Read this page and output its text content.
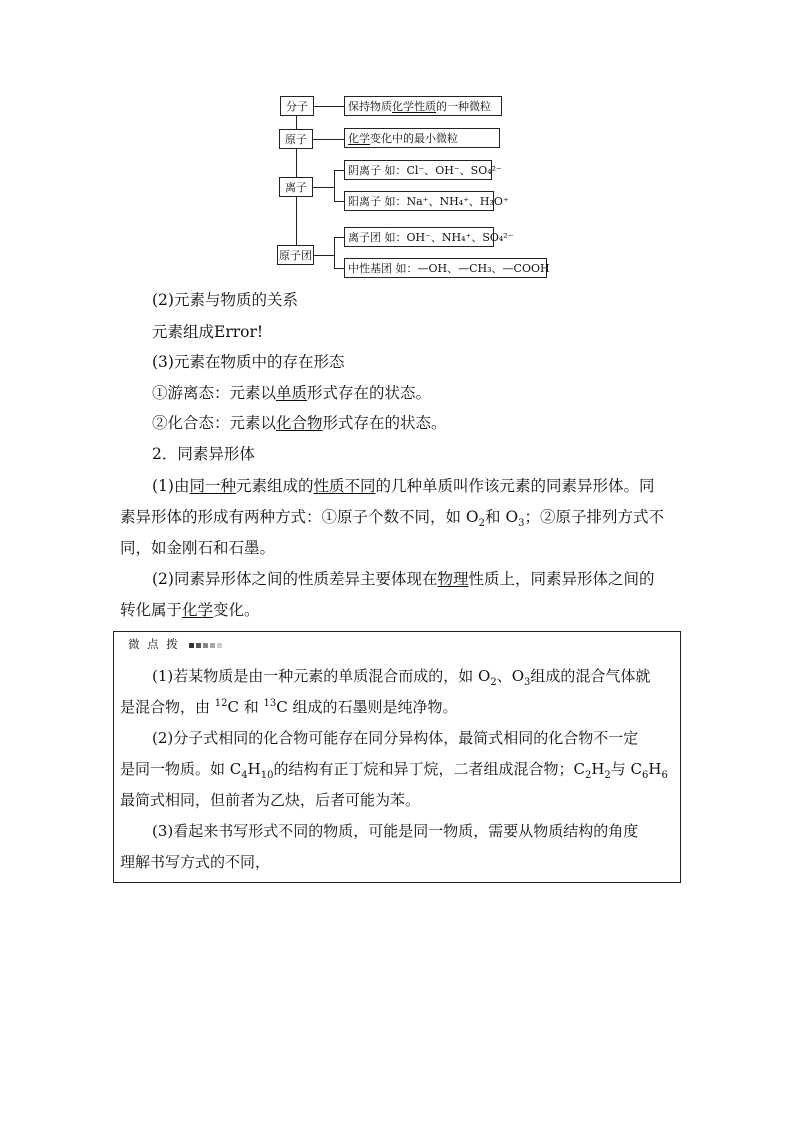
分子
原子
离子
原子团
保持物质化学性质的一种微粒
化学变化中的最小微粒
阴离子 如：Cl⁻、OH⁻、SO₄²⁻
阳离子 如：Na⁺、NH₄⁺、H₃O⁺
离子团 如：OH⁻、NH₄⁺、SO₄²⁻
中性基团 如：—OH、—CH₃、—COOH
(2)元素与物质的关系
元素组成Error!
(3)元素在物质中的存在形态
①游离态：元素以单质形式存在的状态。
②化合态：元素以化合物形式存在的状态。
2．同素异形体
(1)由同一种元素组成的性质不同的几种单质叫作该元素的同素异形体。同
素异形体的形成有两种方式：①原子个数不同，如 $O_2$和 $O_3$；②原子排列方式不
同，如金刚石和石墨。
(2)同素异形体之间的性质差异主要体现在物理性质上，同素异形体之间的
转化属于化学变化。
微 点 拨
(1)若某物质是由一种元素的单质混合而成的，如 $O_2$、$O_3$组成的混合气体就
是混合物，由 $^{12}$C 和 $^{13}$C 组成的石墨则是纯净物。
(2)分子式相同的化合物可能存在同分异构体，最简式相同的化合物不一定
是同一物质。如 $C_4H_{10}$的结构有正丁烷和异丁烷，二者组成混合物；$C_2H_2$与 $C_6H_6$
最简式相同，但前者为乙炔，后者可能为苯。
(3)看起来书写形式不同的物质，可能是同一物质，需要从物质结构的角度
理解书写方式的不同，
